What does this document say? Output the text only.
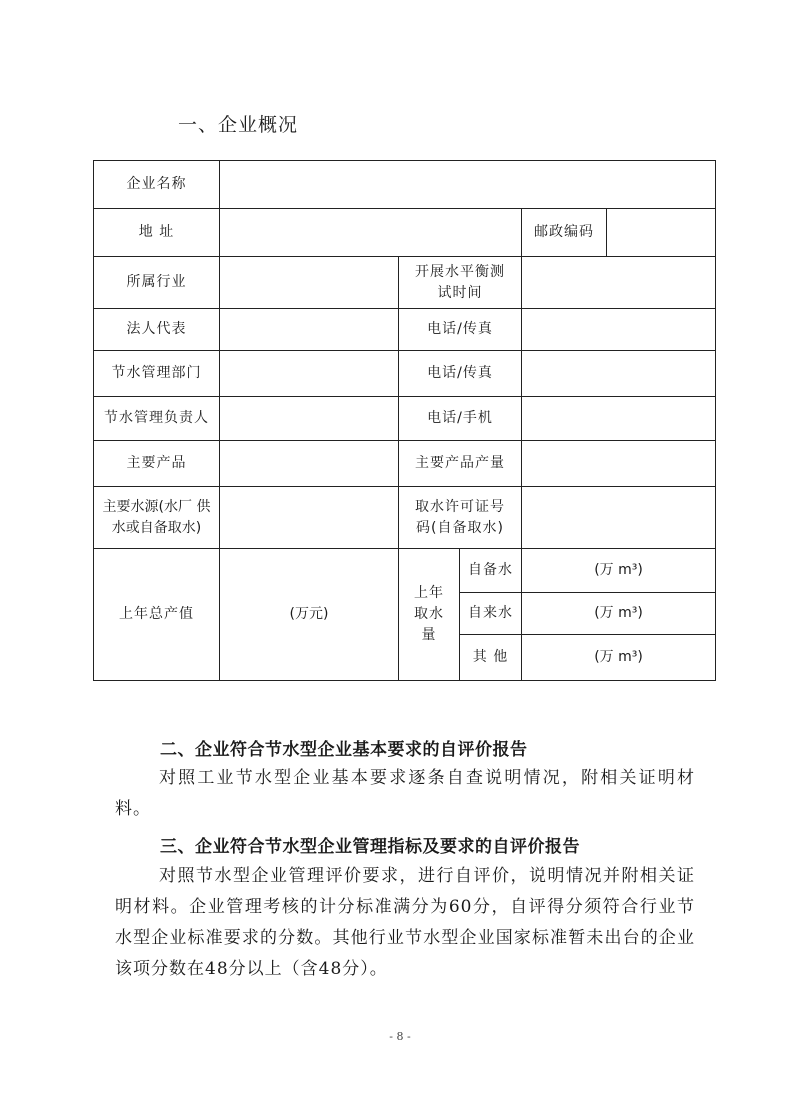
一、企业概况
企业名称					
地 址				邮政编码	
所属行业		开展水平衡测试时间			
法人代表		电话/传真			
节水管理部门		电话/传真			
节水管理负责人		电话/手机			
主要产品		主要产品产量			
主要水源(水厂 供水或自备取水)		取水许可证号码(自备取水)			
上年总产值	(万元)	上年取水量	自备水	(万 m³)	
			自来水	(万 m³)	
			其 他	(万 m³)	
二、企业符合节水型企业基本要求的自评价报告
对照工业节水型企业基本要求逐条自查说明情况，附相关证明材料。
三、企业符合节水型企业管理指标及要求的自评价报告
对照节水型企业管理评价要求，进行自评价，说明情况并附相关证明材料。企业管理考核的计分标准满分为60分，自评得分须符合行业节水型企业标准要求的分数。其他行业节水型企业国家标准暂未出台的企业该项分数在48分以上（含48分）。
- 8 -
